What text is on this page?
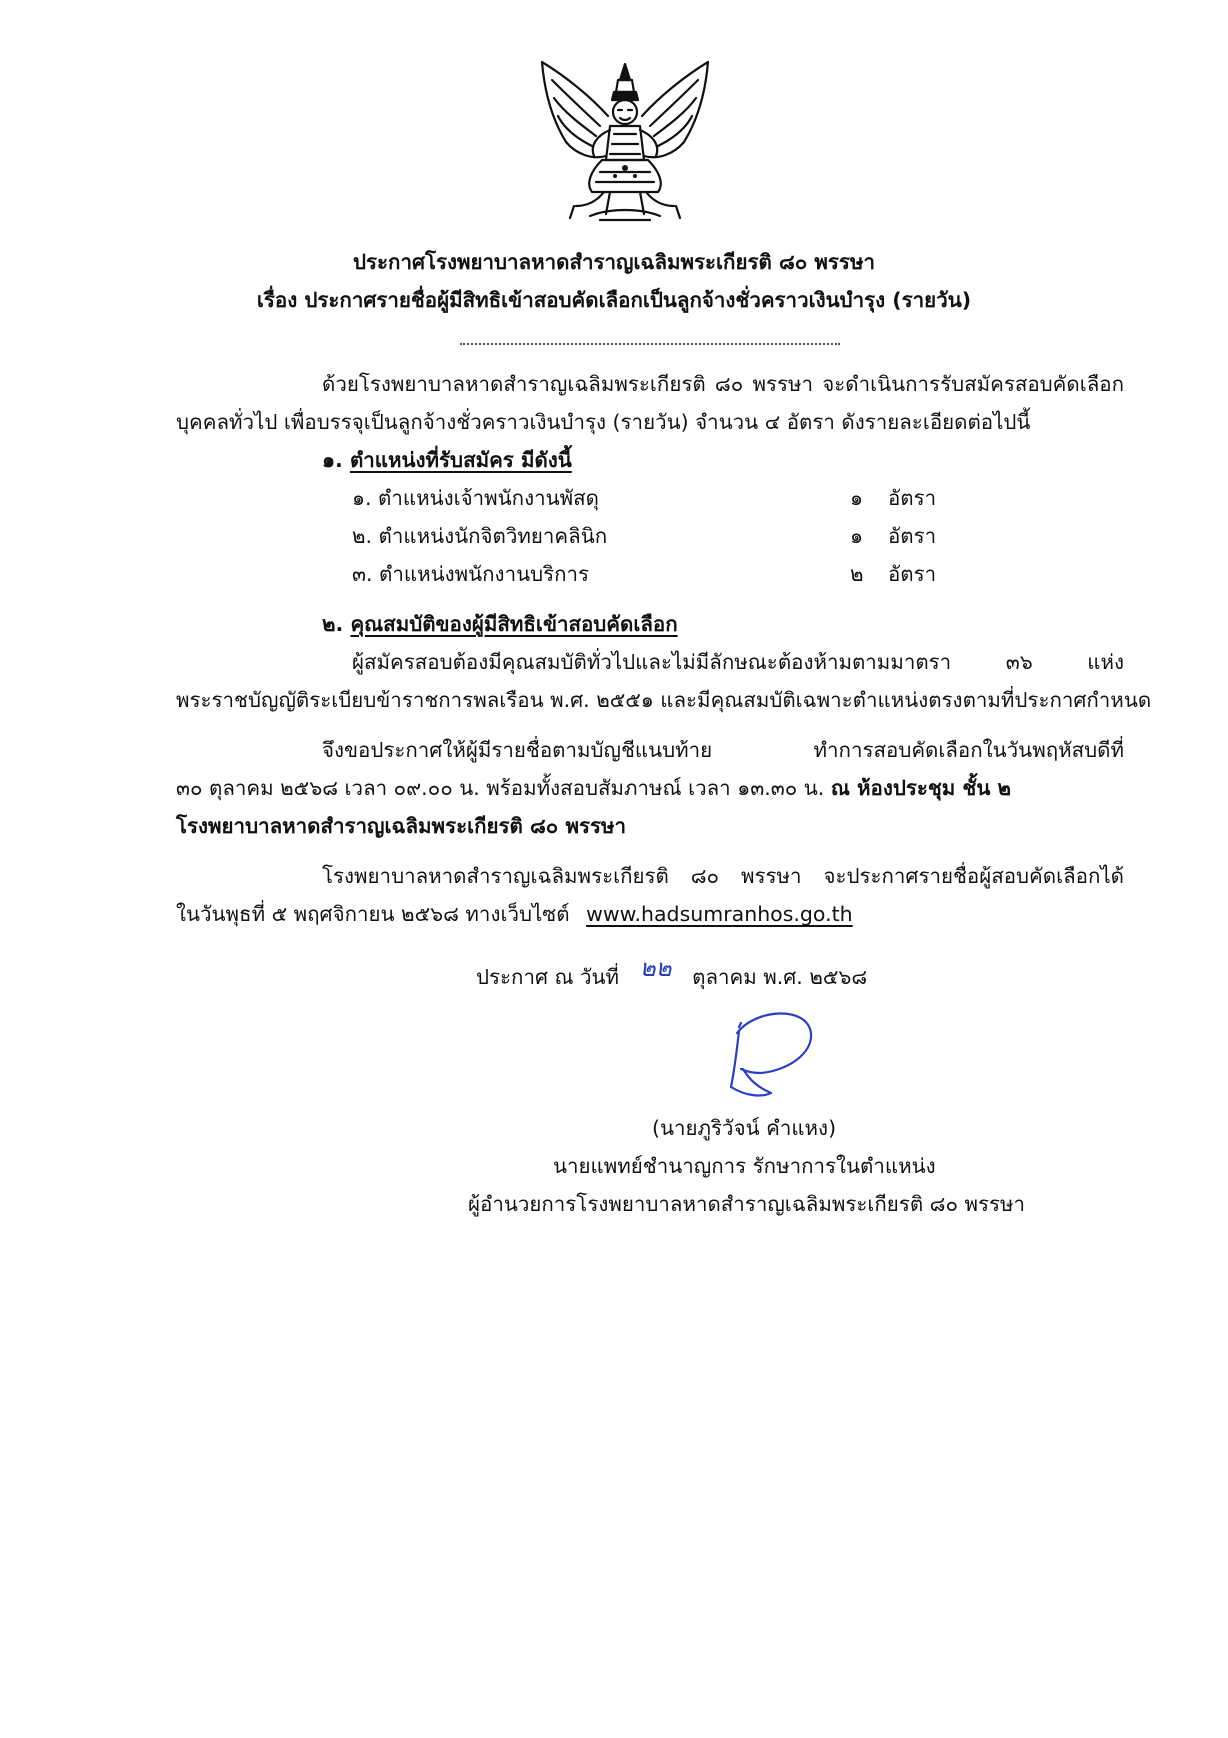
ประกาศโรงพยาบาลหาดสำราญเฉลิมพระเกียรติ ๘๐ พรรษา
เรื่อง ประกาศรายชื่อผู้มีสิทธิเข้าสอบคัดเลือกเป็นลูกจ้างชั่วคราวเงินบำรุง (รายวัน)
ด้วยโรงพยาบาลหาดสำราญเฉลิมพระเกียรติ ๘๐ พรรษา จะดำเนินการรับสมัครสอบคัดเลือก
บุคคลทั่วไป เพื่อบรรจุเป็นลูกจ้างชั่วคราวเงินบำรุง (รายวัน) จำนวน ๔ อัตรา ดังรายละเอียดต่อไปนี้
๑. ตำแหน่งที่รับสมัคร มีดังนี้
๑. ตำแหน่งเจ้าพนักงานพัสดุ	๑ อัตรา
๒. ตำแหน่งนักจิตวิทยาคลินิก	๑ อัตรา
๓. ตำแหน่งพนักงานบริการ	๒ อัตรา
๒. คุณสมบัติของผู้มีสิทธิเข้าสอบคัดเลือก
ผู้สมัครสอบต้องมีคุณสมบัติทั่วไปและไม่มีลักษณะต้องห้ามตามมาตรา ๓๖ แห่ง
พระราชบัญญัติระเบียบข้าราชการพลเรือน พ.ศ. ๒๕๕๑ และมีคุณสมบัติเฉพาะตำแหน่งตรงตามที่ประกาศกำหนด
จึงขอประกาศให้ผู้มีรายชื่อตามบัญชีแนบท้าย ทำการสอบคัดเลือกในวันพฤหัสบดีที่
๓๐ ตุลาคม ๒๕๖๘ เวลา ๐๙.๐๐ น. พร้อมทั้งสอบสัมภาษณ์ เวลา ๑๓.๓๐ น. ณ ห้องประชุม ชั้น ๒
โรงพยาบาลหาดสำราญเฉลิมพระเกียรติ ๘๐ พรรษา
โรงพยาบาลหาดสำราญเฉลิมพระเกียรติ ๘๐ พรรษา จะประกาศรายชื่อผู้สอบคัดเลือกได้
ในวันพุธที่ ๕ พฤศจิกายน ๒๕๖๘ ทางเว็บไซต์ www.hadsumranhos.go.th
ประกาศ ณ วันที่ ๒๒ ตุลาคม พ.ศ. ๒๕๖๘
(นายภูริวัจน์ คำแหง)
นายแพทย์ชำนาญการ รักษาการในตำแหน่ง
ผู้อำนวยการโรงพยาบาลหาดสำราญเฉลิมพระเกียรติ ๘๐ พรรษา
